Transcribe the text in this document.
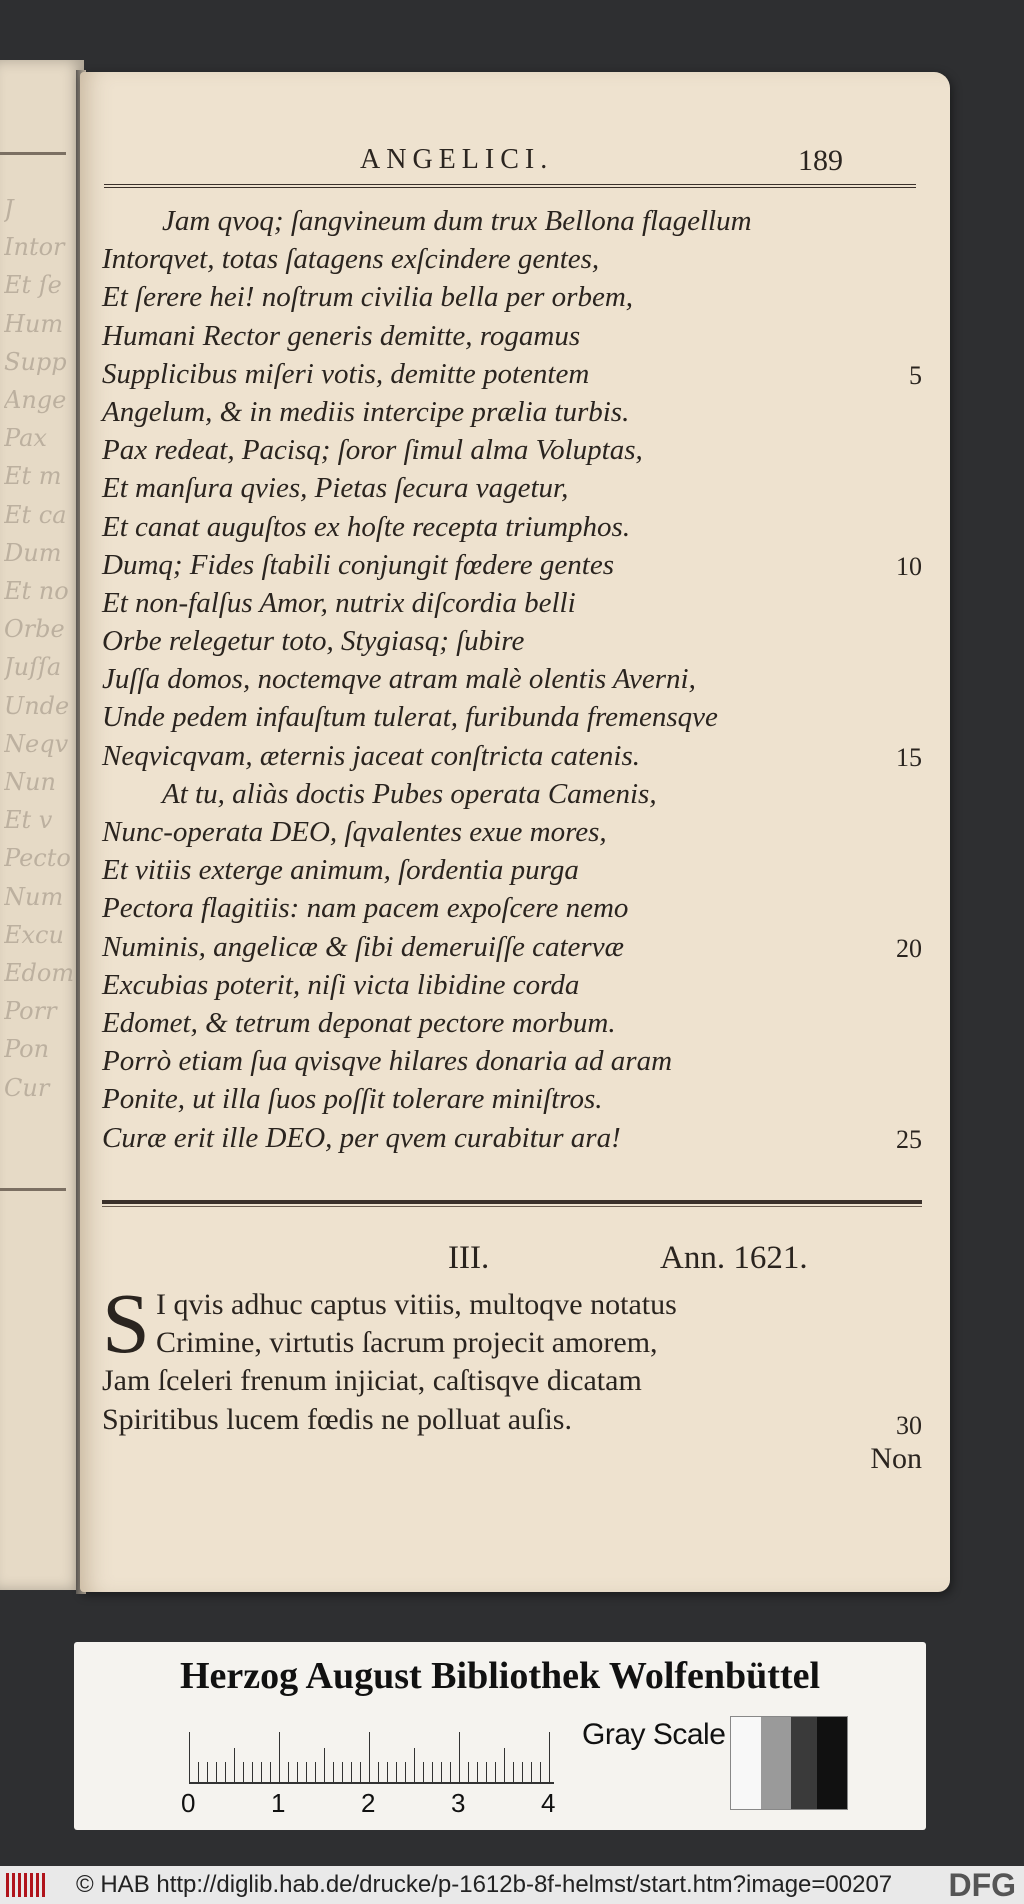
J
Intor
Et ſe
Hum
Supp
Ange
Pax
Et m
Et ca
Dum
Et no
Orbe
Juſſa
Unde
Neqv
Nun
Et v
Pecto
Num
Excu
Edom
Porr
Pon
Cur
ANGELICI.	189
Jam qvoq; ſangvineum dum trux Bellona flagellum
Intorqvet, totas ſatagens exſcindere gentes,
Et ſerere hei! noſtrum civilia bella per orbem,
Humani Rector generis demitte, rogamus
Supplicibus miſeri votis, demitte potentem	5
Angelum, & in mediis intercipe prælia turbis.
Pax redeat, Pacisq; ſoror ſimul alma Voluptas,
Et manſura qvies, Pietas ſecura vagetur,
Et canat auguſtos ex hoſte recepta triumphos.
Dumq; Fides ſtabili conjungit fœdere gentes	10
Et non-falſus Amor, nutrix diſcordia belli
Orbe relegetur toto, Stygiasq; ſubire
Juſſa domos, noctemqve atram malè olentis Averni,
Unde pedem infauſtum tulerat, furibunda fremensqve
Neqvicqvam, æternis jaceat conſtricta catenis.	15
At tu, aliàs doctis Pubes operata Camenis,
Nunc-operata DEO, ſqvalentes exue mores,
Et vitiis exterge animum, ſordentia purga
Pectora flagitiis: nam pacem expoſcere nemo
Numinis, angelicæ & ſibi demeruiſſe catervæ	20
Excubias poterit, niſi victa libidine corda
Edomet, & tetrum deponat pectore morbum.
Porrò etiam ſua qvisqve hilares donaria ad aram
Ponite, ut illa ſuos poſſit tolerare miniſtros.
Curæ erit ille DEO, per qvem curabitur ara!	25
III.	Ann. 1621.
S I qvis adhuc captus vitiis, multoqve notatus
Crimine, virtutis ſacrum projecit amorem,
Jam ſceleri frenum injiciat, caſtisqve dicatam
Spiritibus lucem fœdis ne polluat auſis.	30
Non
Herzog August Bibliothek Wolfenbüttel
Gray Scale
0	1	2	3	4
© HAB http://diglib.hab.de/drucke/p-1612b-8f-helmst/start.htm?image=00207 DFG
